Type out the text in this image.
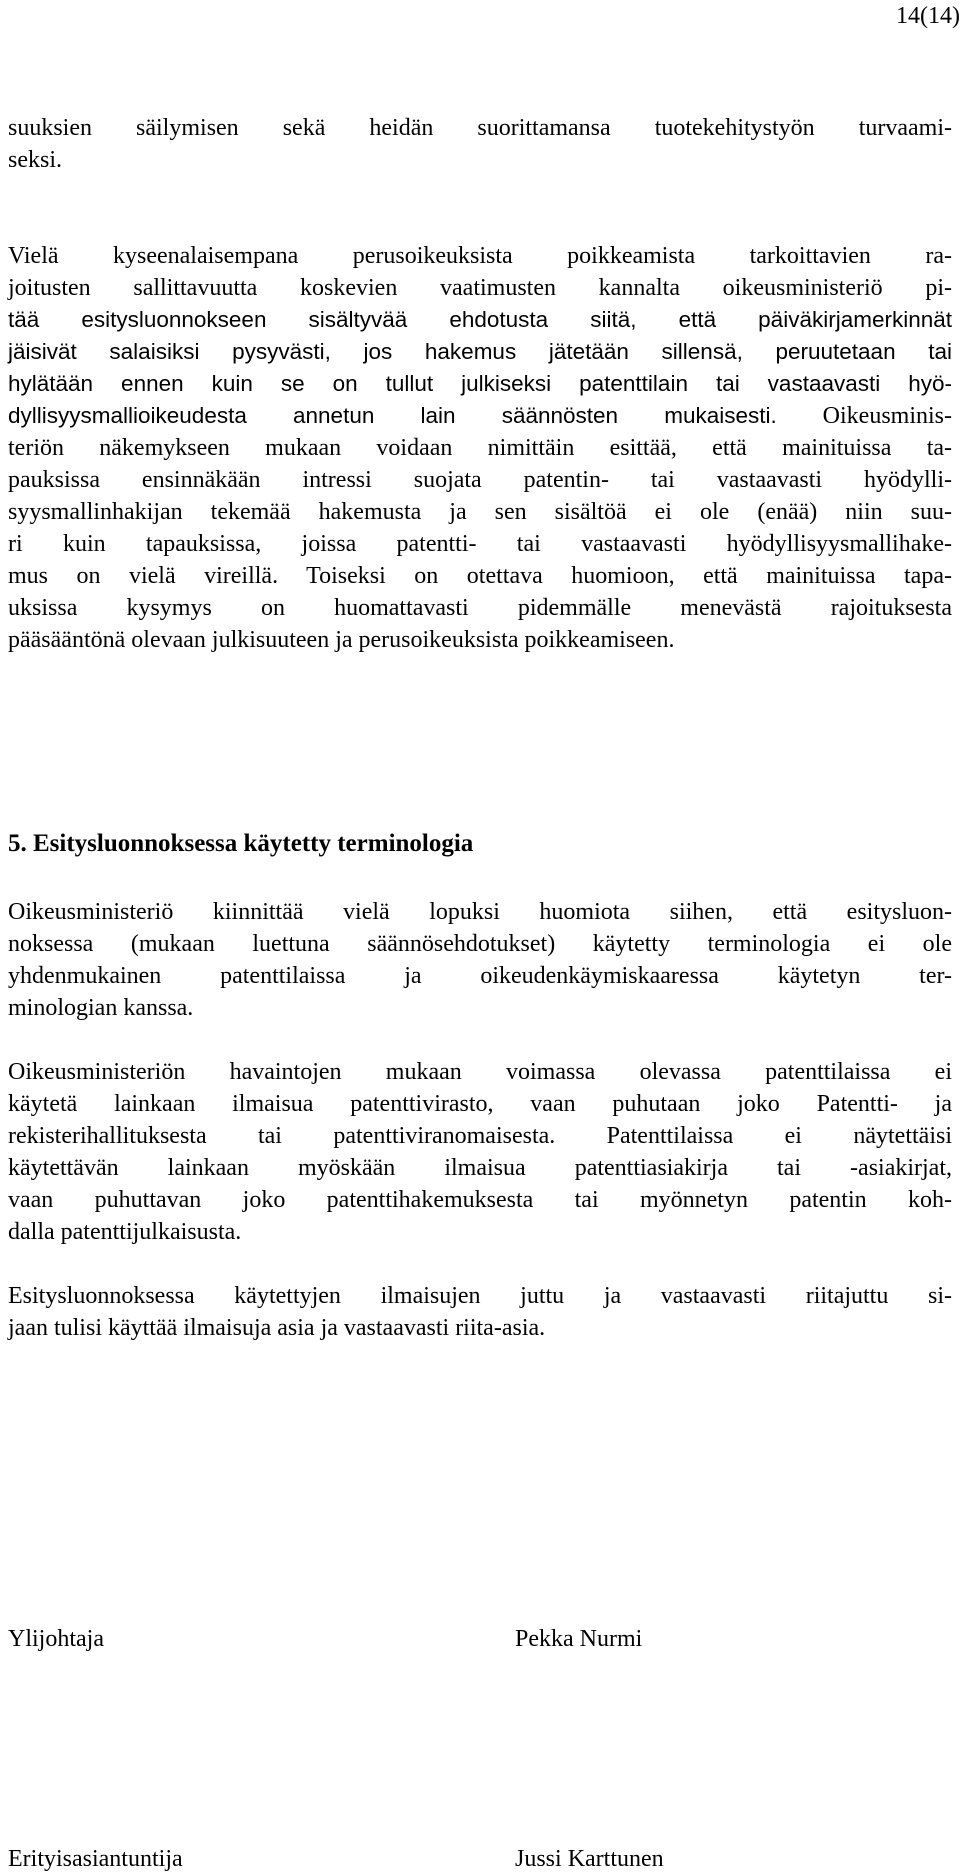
14(14)
suuksien säilymisen sekä heidän suorittamansa tuotekehitystyön turvaami-
seksi.
Vielä kyseenalaisempana perusoikeuksista poikkeamista tarkoittavien ra-
joitusten sallittavuutta koskevien vaatimusten kannalta oikeusministeriö pi-
tää esitysluonnokseen sisältyvää ehdotusta siitä, että päiväkirjamerkinnät
jäisivät salaisiksi pysyvästi, jos hakemus jätetään sillensä, peruutetaan tai
hylätään ennen kuin se on tullut julkiseksi patenttilain tai vastaavasti hyö-
dyllisyysmallioikeudesta annetun lain säännösten mukaisesti. Oikeusminis-
teriön näkemykseen mukaan voidaan nimittäin esittää, että mainituissa ta-
pauksissa ensinnäkään intressi suojata patentin- tai vastaavasti hyödylli-
syysmallinhakijan tekemää hakemusta ja sen sisältöä ei ole (enää) niin suu-
ri kuin tapauksissa, joissa patentti- tai vastaavasti hyödyllisyysmallihake-
mus on vielä vireillä. Toiseksi on otettava huomioon, että mainituissa tapa-
uksissa kysymys on huomattavasti pidemmälle menevästä rajoituksesta
pääsääntönä olevaan julkisuuteen ja perusoikeuksista poikkeamiseen.
5. Esitysluonnoksessa käytetty terminologia
Oikeusministeriö kiinnittää vielä lopuksi huomiota siihen, että esitysluon-
noksessa (mukaan luettuna säännösehdotukset) käytetty terminologia ei ole
yhdenmukainen patenttilaissa ja oikeudenkäymiskaaressa käytetyn ter-
minologian kanssa.
Oikeusministeriön havaintojen mukaan voimassa olevassa patenttilaissa ei
käytetä lainkaan ilmaisua patenttivirasto, vaan puhutaan joko Patentti- ja
rekisterihallituksesta tai patenttiviranomaisesta. Patenttilaissa ei näytettäisi
käytettävän lainkaan myöskään ilmaisua patenttiasiakirja tai -asiakirjat,
vaan puhuttavan joko patenttihakemuksesta tai myönnetyn patentin koh-
dalla patenttijulkaisusta.
Esitysluonnoksessa käytettyjen ilmaisujen juttu ja vastaavasti riitajuttu si-
jaan tulisi käyttää ilmaisuja asia ja vastaavasti riita-asia.
Ylijohtaja	Pekka Nurmi
Erityisasiantuntija	Jussi Karttunen
